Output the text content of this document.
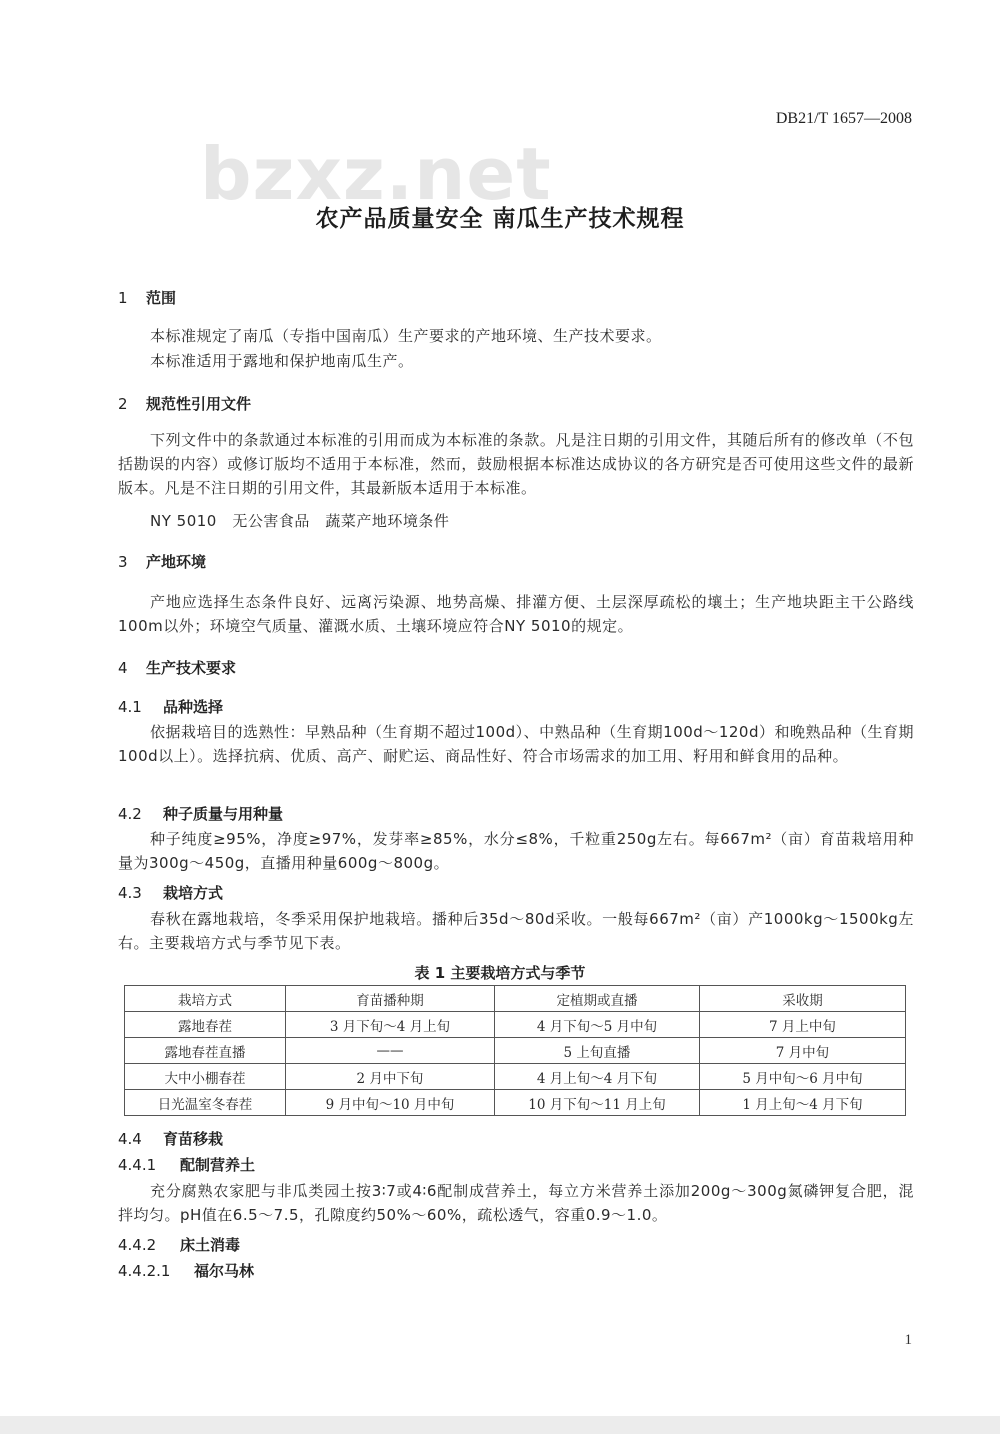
DB21/T 1657—2008
bzxz.net
农产品质量安全 南瓜生产技术规程
1 范围
本标准规定了南瓜（专指中国南瓜）生产要求的产地环境、生产技术要求。
本标准适用于露地和保护地南瓜生产。
2 规范性引用文件
下列文件中的条款通过本标准的引用而成为本标准的条款。凡是注日期的引用文件，其随后所有的修改单（不包括勘误的内容）或修订版均不适用于本标准，然而，鼓励根据本标准达成协议的各方研究是否可使用这些文件的最新版本。凡是不注日期的引用文件，其最新版本适用于本标准。
NY 5010　无公害食品　蔬菜产地环境条件
3 产地环境
产地应选择生态条件良好、远离污染源、地势高燥、排灌方便、土层深厚疏松的壤土；生产地块距主干公路线100m以外；环境空气质量、灌溉水质、土壤环境应符合NY 5010的规定。
4 生产技术要求
4.1 品种选择
依据栽培目的选熟性：早熟品种（生育期不超过100d）、中熟品种（生育期100d～120d）和晚熟品种（生育期100d以上）。选择抗病、优质、高产、耐贮运、商品性好、符合市场需求的加工用、籽用和鲜食用的品种。
4.2 种子质量与用种量
种子纯度≥95%，净度≥97%，发芽率≥85%，水分≤8%，千粒重250g左右。每667m²（亩）育苗栽培用种量为300g～450g，直播用种量600g～800g。
4.3 栽培方式
春秋在露地栽培，冬季采用保护地栽培。播种后35d～80d采收。一般每667m²（亩）产1000kg～1500kg左右。主要栽培方式与季节见下表。
表 1 主要栽培方式与季节
栽培方式	育苗播种期	定植期或直播	采收期
露地春茬	3 月下旬～4 月上旬	4 月下旬～5 月中旬	7 月上中旬
露地春茬直播	——	5 上旬直播	7 月中旬
大中小棚春茬	2 月中下旬	4 月上旬～4 月下旬	5 月中旬～6 月中旬
日光温室冬春茬	9 月中旬～10 月中旬	10 月下旬～11 月上旬	1 月上旬～4 月下旬
4.4 育苗移栽
4.4.1 配制营养土
充分腐熟农家肥与非瓜类园土按3∶7或4∶6配制成营养土，每立方米营养土添加200g～300g氮磷钾复合肥，混拌均匀。pH值在6.5～7.5，孔隙度约50%～60%，疏松透气，容重0.9～1.0。
4.4.2 床土消毒
4.4.2.1 福尔马林
1
